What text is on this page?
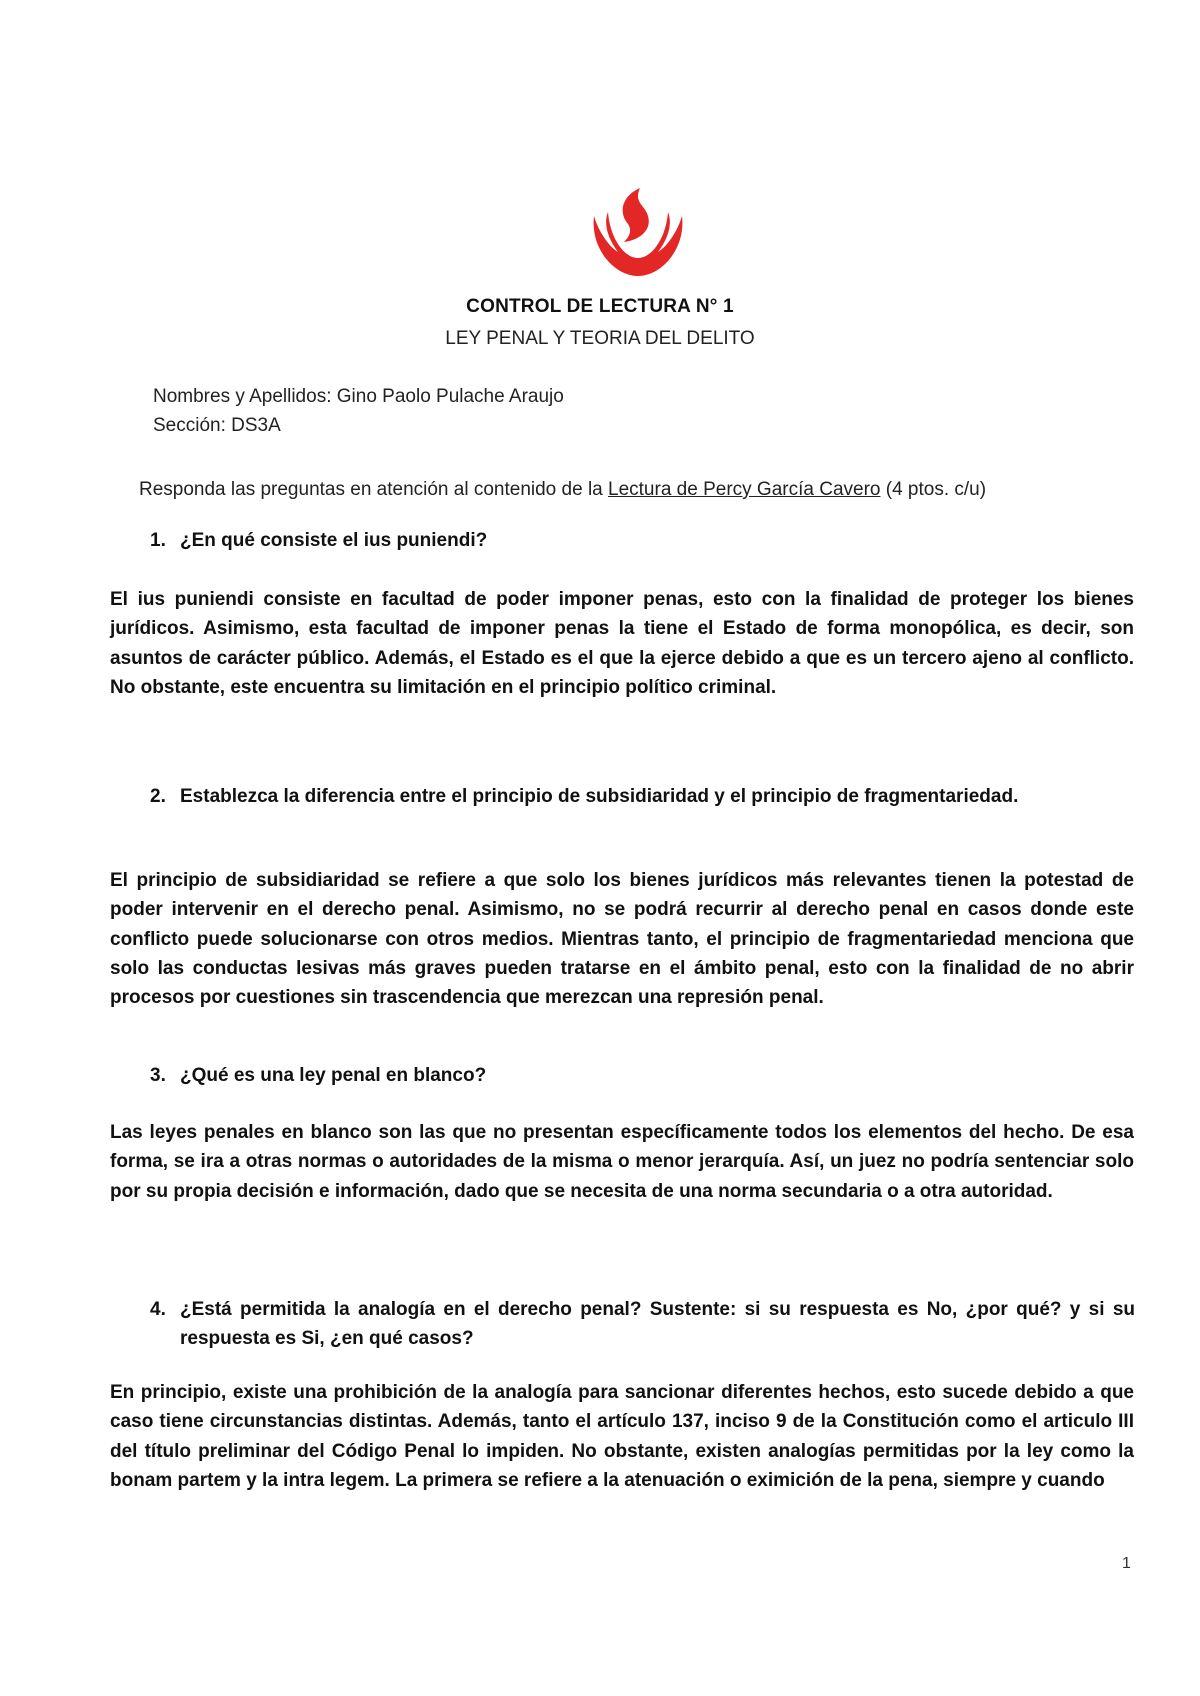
CONTROL DE LECTURA N° 1
LEY PENAL Y TEORIA DEL DELITO
Nombres y Apellidos: Gino Paolo Pulache Araujo
Sección: DS3A
Responda las preguntas en atención al contenido de la Lectura de Percy García Cavero (4 ptos. c/u)
1. ¿En qué consiste el ius puniendi?
El ius puniendi consiste en facultad de poder imponer penas, esto con la finalidad de proteger los bienes jurídicos. Asimismo, esta facultad de imponer penas la tiene el Estado de forma monopólica, es decir, son asuntos de carácter público. Además, el Estado es el que la ejerce debido a que es un tercero ajeno al conflicto. No obstante, este encuentra su limitación en el principio político criminal.
2. Establezca la diferencia entre el principio de subsidiaridad y el principio de fragmentariedad.
El principio de subsidiaridad se refiere a que solo los bienes jurídicos más relevantes tienen la potestad de poder intervenir en el derecho penal. Asimismo, no se podrá recurrir al derecho penal en casos donde este conflicto puede solucionarse con otros medios. Mientras tanto, el principio de fragmentariedad menciona que solo las conductas lesivas más graves pueden tratarse en el ámbito penal, esto con la finalidad de no abrir procesos por cuestiones sin trascendencia que merezcan una represión penal.
3. ¿Qué es una ley penal en blanco?
Las leyes penales en blanco son las que no presentan específicamente todos los elementos del hecho. De esa forma, se ira a otras normas o autoridades de la misma o menor jerarquía. Así, un juez no podría sentenciar solo por su propia decisión e información, dado que se necesita de una norma secundaria o a otra autoridad.
4. ¿Está permitida la analogía en el derecho penal? Sustente: si su respuesta es No, ¿por qué? y si su respuesta es Si, ¿en qué casos?
En principio, existe una prohibición de la analogía para sancionar diferentes hechos, esto sucede debido a que caso tiene circunstancias distintas. Además, tanto el artículo 137, inciso 9 de la Constitución como el articulo III del título preliminar del Código Penal lo impiden. No obstante, existen analogías permitidas por la ley como la bonam partem y la intra legem. La primera se refiere a la atenuación o eximición de la pena, siempre y cuando
1
